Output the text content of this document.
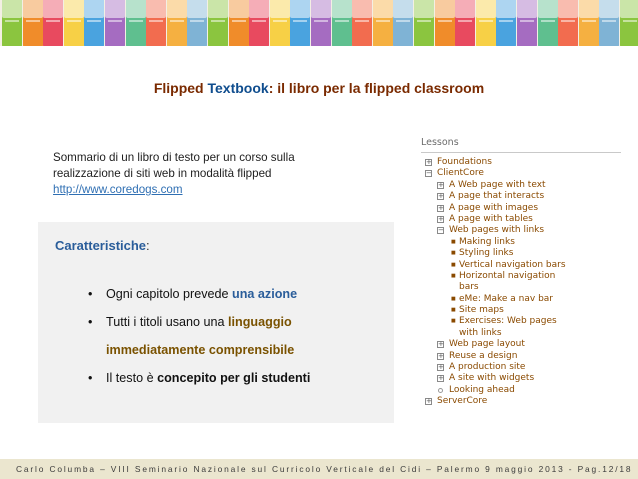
Flipped Textbook: il libro per la flipped classroom
Sommario di un libro di testo per un corso sulla
realizzazione di siti web in modalità flipped
http://www.coredogs.com
Caratteristiche:
• Ogni capitolo prevede una azione
• Tutti i titoli usano una linguaggio
immediatamente comprensibile
• Il testo è concepito per gli studenti
Lessons
+ Foundations
− ClientCore
+ A Web page with text
+ A page that interacts
+ A page with images
+ A page with tables
− Web pages with links
■ Making links
■ Styling links
■ Vertical navigation bars
■ Horizontal navigation
bars
■ eMe: Make a nav bar
■ Site maps
■ Exercises: Web pages
with links
+ Web page layout
+ Reuse a design
+ A production site
+ A site with widgets
Looking ahead
+ ServerCore
Carlo Columba – VIII Seminario Nazionale sul Curricolo Verticale del Cidi – Palermo 9 maggio 2013 - Pag.12/18
